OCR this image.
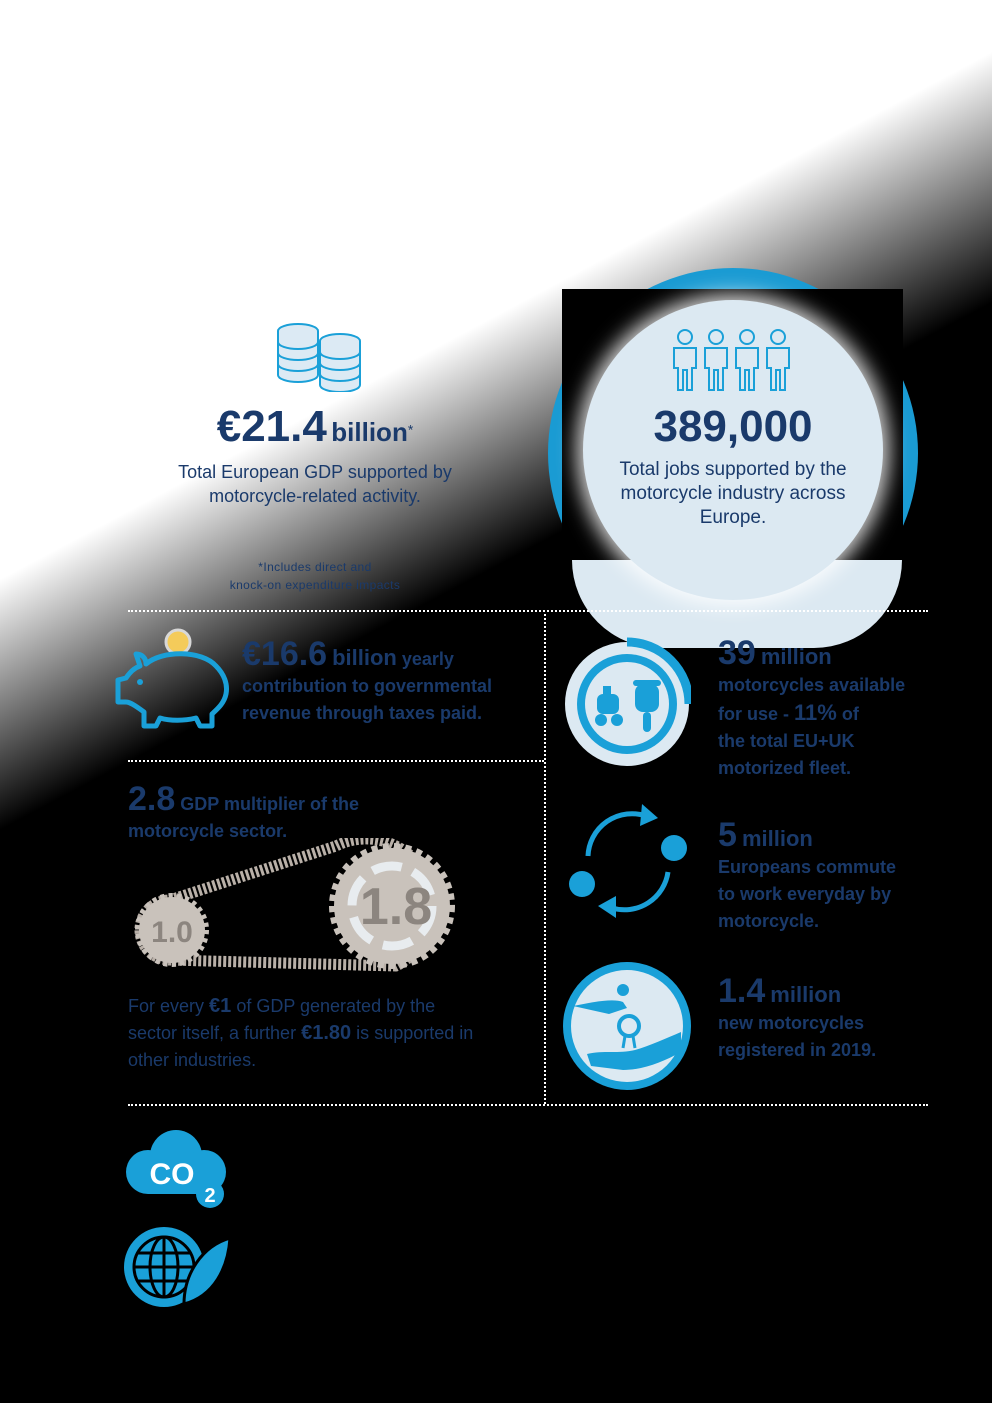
€21.4 billion*
Total European GDP supported by motorcycle-related activity.
*Includes direct and
knock-on expenditure impacts
389,000
Total jobs supported by the motorcycle industry across Europe.
€16.6 billion yearly
contribution to governmental
revenue through taxes paid.
39 million
motorcycles available
for use - 11% of
the total EU+UK
motorized fleet.
2.8 GDP multiplier of the
motorcycle sector.
1.0	1.8
For every €1 of GDP generated by the sector itself, a further €1.80 is supported in other industries.
5 million
Europeans commute
to work everyday by
motorcycle.
1.4 million
new motorcycles
registered in 2019.
CO
2
